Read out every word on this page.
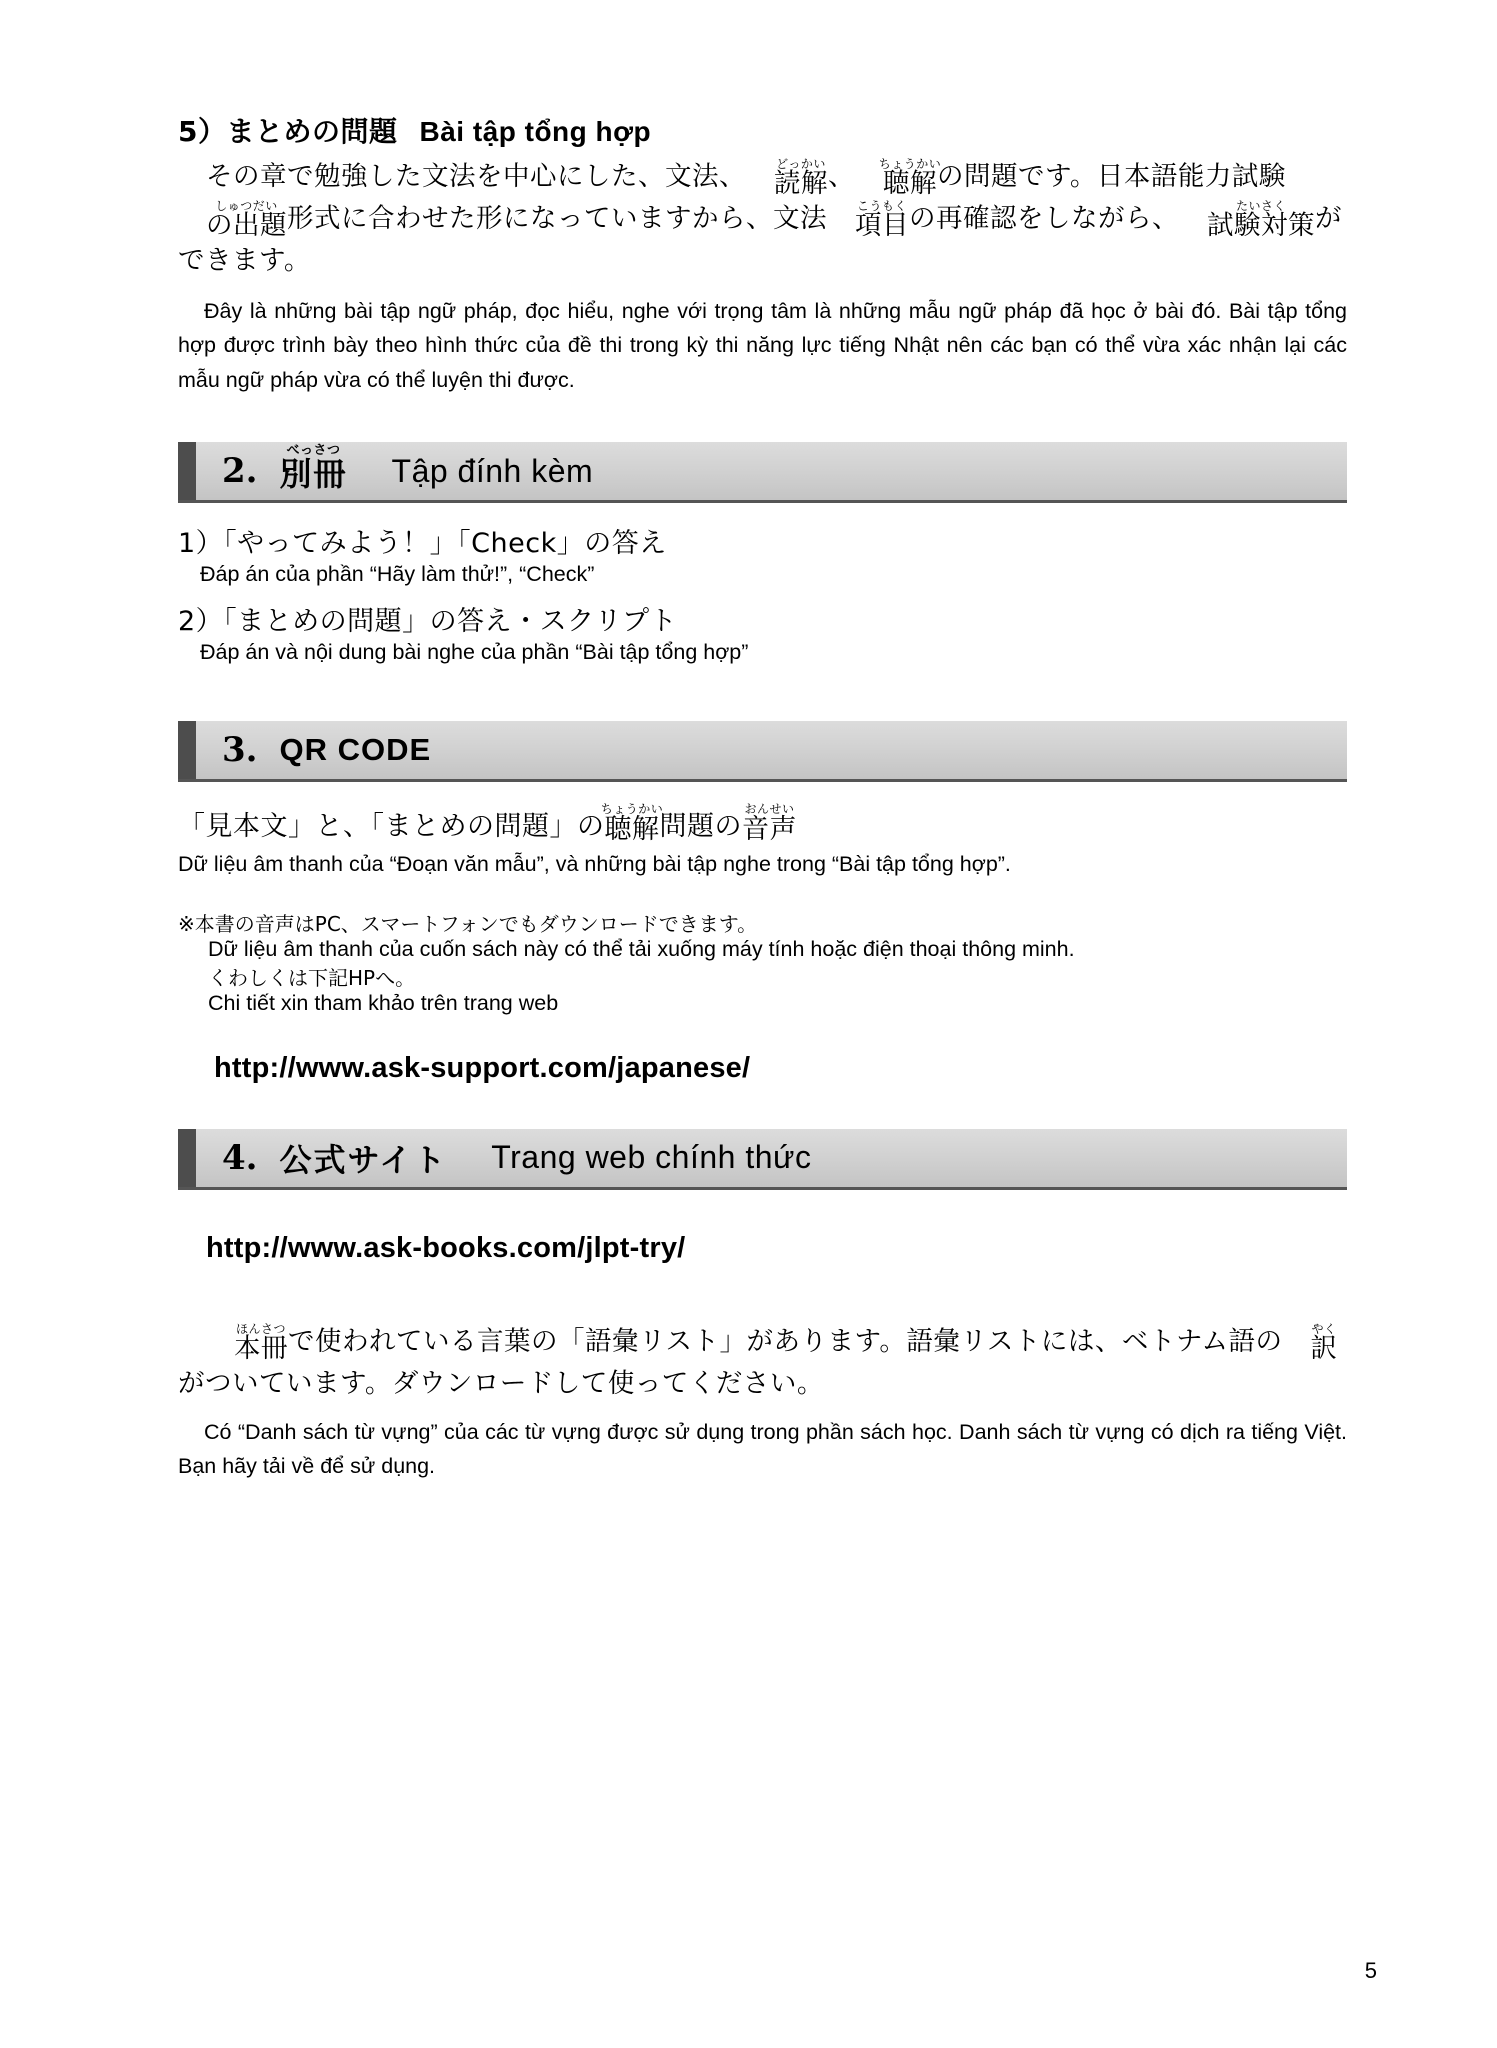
5）まとめの問題 Bài tập tổng hợp

その章で勉強した文法を中心にした、文法、	どっかい
読解 、	ちょうかい
聴解 の問題です。日本語能力試験
しゅつだい
の出題 形式に合わせた形になっていますから、文法	こうもく
項目 の再確認をしながら、	たいさく
試験対策 ができます。

Đây là những bài tập ngữ pháp, đọc hiểu, nghe với trọng tâm là những mẫu ngữ pháp đã học ở bài đó. Bài tập tổng hợp được trình bày theo hình thức của đề thi trong kỳ thi năng lực tiếng Nhật nên các bạn có thể vừa xác nhận lại các mẫu ngữ pháp vừa có thể luyện thi được.

2.
べっさつ
別冊 Tập đính kèm

1）「やってみよう！」「Check」の答え

Đáp án của phần “Hãy làm thử!”, “Check”

2）「まとめの問題」の答え・スクリプト

Đáp án và nội dung bài nghe của phần “Bài tập tổng hợp”

3. QR CODE

「見本文」と、「まとめの問題」の
ちょうかい
聴解 問題の
おんせい
音声

Dữ liệu âm thanh của “Đoạn văn mẫu”, và những bài tập nghe trong “Bài tập tổng hợp”.

※本書の音声はPC、スマートフォンでもダウンロードできます。

Dữ liệu âm thanh của cuốn sách này có thể tải xuống máy tính hoặc điện thoại thông minh.

くわしくは下記HPへ。

Chi tiết xin tham khảo trên trang web

http://www.ask-support.com/japanese/
4. 公式サイト Trang web chính thức
http://www.ask-books.com/jlpt-try/

ほんさつ
本冊 で使われている言葉の「語彙リスト」があります。語彙リストには、ベトナム語の	やく
訳
がついています。ダウンロードして使ってください。

Có “Danh sách từ vựng” của các từ vựng được sử dụng trong phần sách học. Danh sách từ vựng có dịch ra tiếng Việt. Bạn hãy tải về để sử dụng.

5
